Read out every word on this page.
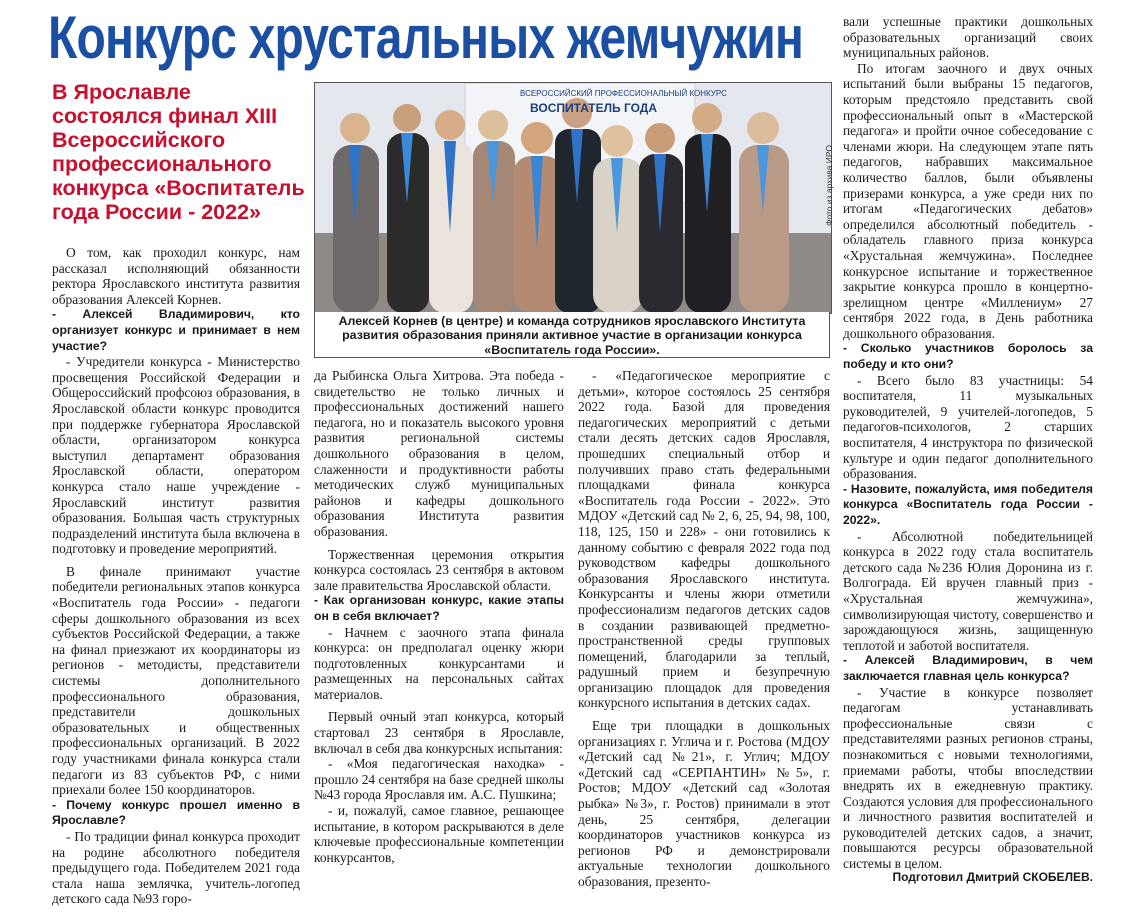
Конкурс хрустальных жемчужин
В Ярославле состоялся финал XIII Всероссийского профессионального конкурса «Воспитатель года России - 2022»
ВСЕРОССИЙСКИЙ ПРОФЕССИОНАЛЬНЫЙ КОНКУРС
ВОСПИТАТЕЛЬ ГОДА
Фото из архива ИРО
Алексей Корнев (в центре) и команда сотрудников ярославского Института развития образования приняли активное участие в организации конкурса «Воспитатель года России».

О том, как проходил конкурс, нам рассказал исполняющий обязанности ректора Ярославского института развития образования Алексей Корнев.

- Алексей Владимирович, кто организует конкурс и принимает в нем участие?

- Учредители конкурса - Министерство просвещения Российской Федерации и Общероссийский профсоюз образования, в Ярославской области конкурс проводится при поддержке губернатора Ярославской области, организатором конкурса выступил департамент образования Ярославской области, оператором конкурса стало наше учреждение - Ярославский институт развития образования. Большая часть структурных подразделений института была включена в подготовку и проведение мероприятий.

В финале принимают участие победители региональных этапов конкурса «Воспитатель года России» - педагоги сферы дошкольного образования из всех субъектов Российской Федерации, а также на финал приезжают их координаторы из регионов - методисты, представители системы дополнительного профессионального образования, представители дошкольных образовательных и общественных профессиональных организаций. В 2022 году участниками финала конкурса стали педагоги из 83 субъектов РФ, с ними приехали более 150 координаторов.

- Почему конкурс прошел именно в Ярославле?

- По традиции финал конкурса проходит на родине абсолютного победителя предыдущего года. Победителем 2021 года стала наша землячка, учитель-логопед детского сада №93 горо-

да Рыбинска Ольга Хитрова. Эта победа - свидетельство не только личных и профессиональных достижений нашего педагога, но и показатель высокого уровня развития региональной системы дошкольного образования в целом, слаженности и продуктивности работы методических служб муниципальных районов и кафедры дошкольного образования Института развития образования.

Торжественная церемония открытия конкурса состоялась 23 сентября в актовом зале правительства Ярославской области.

- Как организован конкурс, какие этапы он в себя включает?

- Начнем с заочного этапа финала конкурса: он предполагал оценку жюри подготовленных конкурсантами и размещенных на персональных сайтах материалов.

Первый очный этап конкурса, который стартовал 23 сентября в Ярославле, включал в себя два конкурсных испытания:

- «Моя педагогическая находка» - прошло 24 сентября на базе средней школы №43 города Ярославля им. А.С. Пушкина;

- и, пожалуй, самое главное, решающее испытание, в котором раскрываются в деле ключевые профессиональные компетенции конкурсантов,

- «Педагогическое мероприятие с детьми», которое состоялось 25 сентября 2022 года. Базой для проведения педагогических мероприятий с детьми стали десять детских садов Ярославля, прошедших специальный отбор и получивших право стать федеральными площадками финала конкурса «Воспитатель года России - 2022». Это МДОУ «Детский сад № 2, 6, 25, 94, 98, 100, 118, 125, 150 и 228» - они готовились к данному событию с февраля 2022 года под руководством кафедры дошкольного образования Ярославского института. Конкурсанты и члены жюри отметили профессионализм педагогов детских садов в создании развивающей предметно-пространственной среды групповых помещений, благодарили за теплый, радушный прием и безупречную организацию площадок для проведения конкурсного испытания в детских садах.

Еще три площадки в дошкольных организациях г. Углича и г. Ростова (МДОУ «Детский сад №21», г. Углич; МДОУ «Детский сад «СЕРПАНТИН» №5», г. Ростов; МДОУ «Детский сад «Золотая рыбка» №3», г. Ростов) принимали в этот день, 25 сентября, делегации координаторов участников конкурса из регионов РФ и демонстрировали актуальные технологии дошкольного образования, презенто-

вали успешные практики дошкольных образовательных организаций своих муниципальных районов.

По итогам заочного и двух очных испытаний были выбраны 15 педагогов, которым предстояло представить свой профессиональный опыт в «Мастерской педагога» и пройти очное собеседование с членами жюри. На следующем этапе пять педагогов, набравших максимальное количество баллов, были объявлены призерами конкурса, а уже среди них по итогам «Педагогических дебатов» определился абсолютный победитель - обладатель главного приза конкурса «Хрустальная жемчужина». Последнее конкурсное испытание и торжественное закрытие конкурса прошло в концертно-зрелищном центре «Миллениум» 27 сентября 2022 года, в День работника дошкольного образования.

- Сколько участников боролось за победу и кто они?

- Всего было 83 участницы: 54 воспитателя, 11 музыкальных руководителей, 9 учителей-логопедов, 5 педагогов-психологов, 2 старших воспитателя, 4 инструктора по физической культуре и один педагог дополнительного образования.

- Назовите, пожалуйста, имя победителя конкурса «Воспитатель года России - 2022».

- Абсолютной победительницей конкурса в 2022 году стала воспитатель детского сада №236 Юлия Доронина из г. Волгограда. Ей вручен главный приз - «Хрустальная жемчужина», символизирующая чистоту, совершенство и зарождающуюся жизнь, защищенную теплотой и заботой воспитателя.

- Алексей Владимирович, в чем заключается главная цель конкурса?

- Участие в конкурсе позволяет педагогам устанавливать профессиональные связи с представителями разных регионов страны, познакомиться с новыми технологиями, приемами работы, чтобы впоследствии внедрять их в ежедневную практику. Создаются условия для профессионального и личностного развития воспитателей и руководителей детских садов, а значит, повышаются ресурсы образовательной системы в целом.

Подготовил Дмитрий СКОБЕЛЕВ.
